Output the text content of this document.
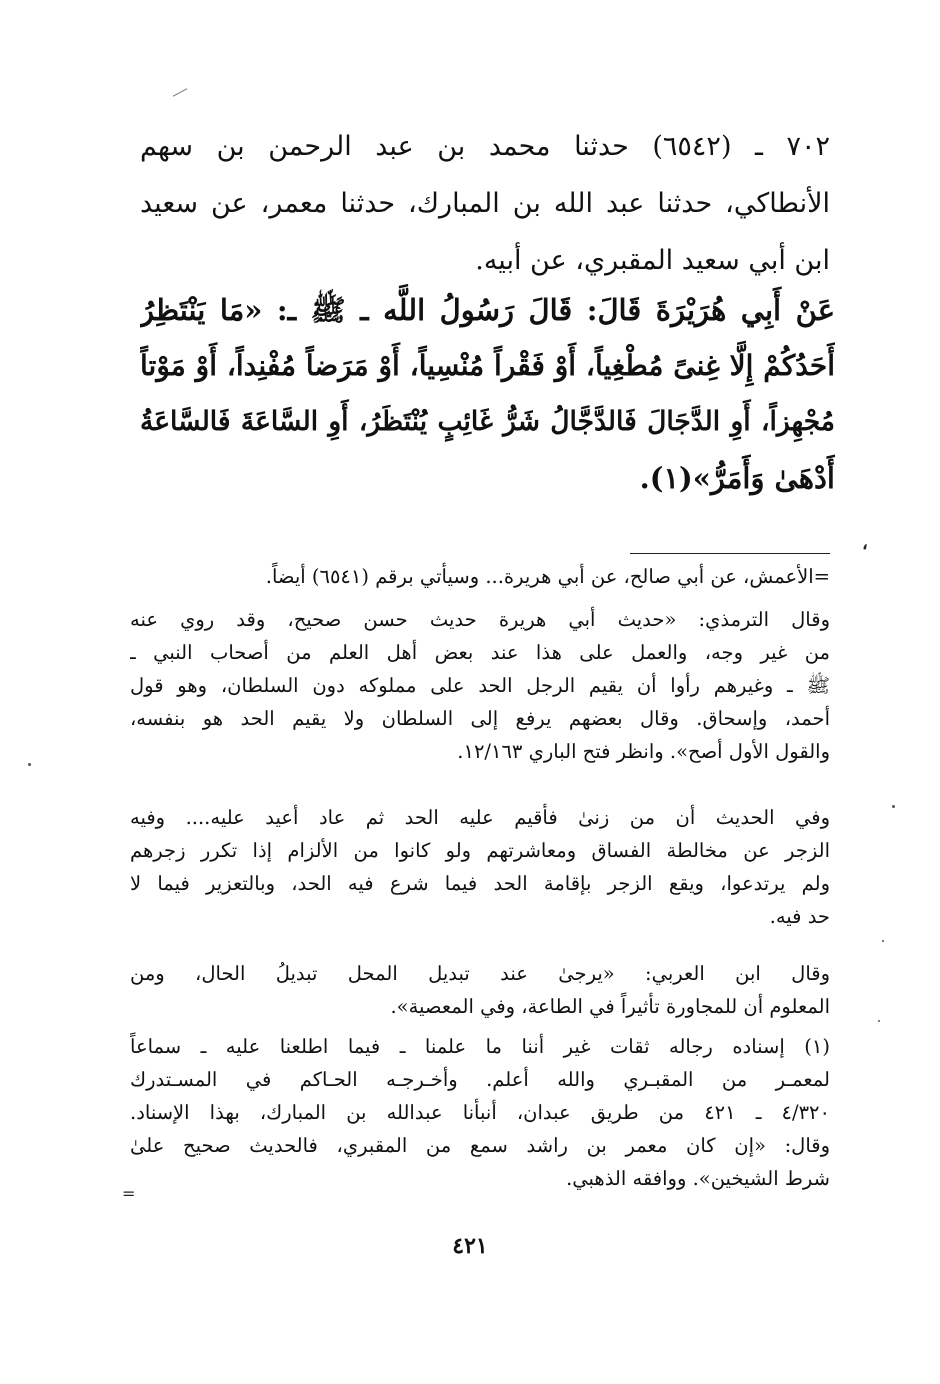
٧٠٢ ـ (٦٥٤٢) حدثنا محمد بن عبد الرحمن بن سهم
الأنطاكي، حدثنا عبد الله بن المبارك، حدثنا معمر، عن سعيد
ابن أبي سعيد المقبري، عن أبيه.
عَنْ أَبِي هُرَيْرَةَ قَالَ: قَالَ رَسُولُ اللَّه ـ ﷺ ـ: «مَا يَنْتَظِرُ
أَحَدُكُمْ إِلَّا غِنىً مُطْغِياً، أَوْ فَقْراً مُنْسِياً، أَوْ مَرَضاً مُفْنِداً، أَوْ مَوْتاً
مُجْهِزاً، أَوِ الدَّجَالَ فَالدَّجَّالُ شَرُّ غَائِبٍ يُنْتَظَرُ، أَوِ السَّاعَةَ فَالسَّاعَةُ
أَدْهَىٰ وَأَمَرُّ»(١).
،
=الأعمش، عن أبي صالح، عن أبي هريرة... وسيأتي برقم (٦٥٤١) أيضاً.
وقال الترمذي: «حديث أبي هريرة حديث حسن صحيح، وقد روي عنه
من غير وجه، والعمل على هذا عند بعض أهل العلم من أصحاب النبي ـ
ﷺ ـ وغيرهم رأوا أن يقيم الرجل الحد على مملوكه دون السلطان، وهو قول
أحمد، وإسحاق. وقال بعضهم يرفع إلى السلطان ولا يقيم الحد هو بنفسه،
والقول الأول أصح». وانظر فتح الباري ١٢/١٦٣.
وفي الحديث أن من زنىٰ فأقيم عليه الحد ثم عاد أعيد عليه.... وفيه
الزجر عن مخالطة الفساق ومعاشرتهم ولو كانوا من الألزام إذا تكرر زجرهم
ولم يرتدعوا، ويقع الزجر بإقامة الحد فيما شرع فيه الحد، وبالتعزير فيما لا
حد فيه.
وقال ابن العربي: «يرجىٰ عند تبديل المحل تبديلُ الحال، ومن
المعلوم أن للمجاورة تأثيراً في الطاعة، وفي المعصية».
(١) إسناده رجاله ثقات غير أننا ما علمنا ـ فيما اطلعنا عليه ـ سماعاً
لمعمـر من المقبـري والله أعلم. وأخـرجـه الحـاكم في المسـتدرك
٤/٣٢٠ ـ ٤٢١ من طريق عبدان، أنبأنا عبدالله بن المبارك، بهذا الإسناد.
وقال: «إن كان معمر بن راشد سمع من المقبري، فالحديث صحيح علىٰ
شرط الشيخين». ووافقه الذهبي.
=
٤٢١
